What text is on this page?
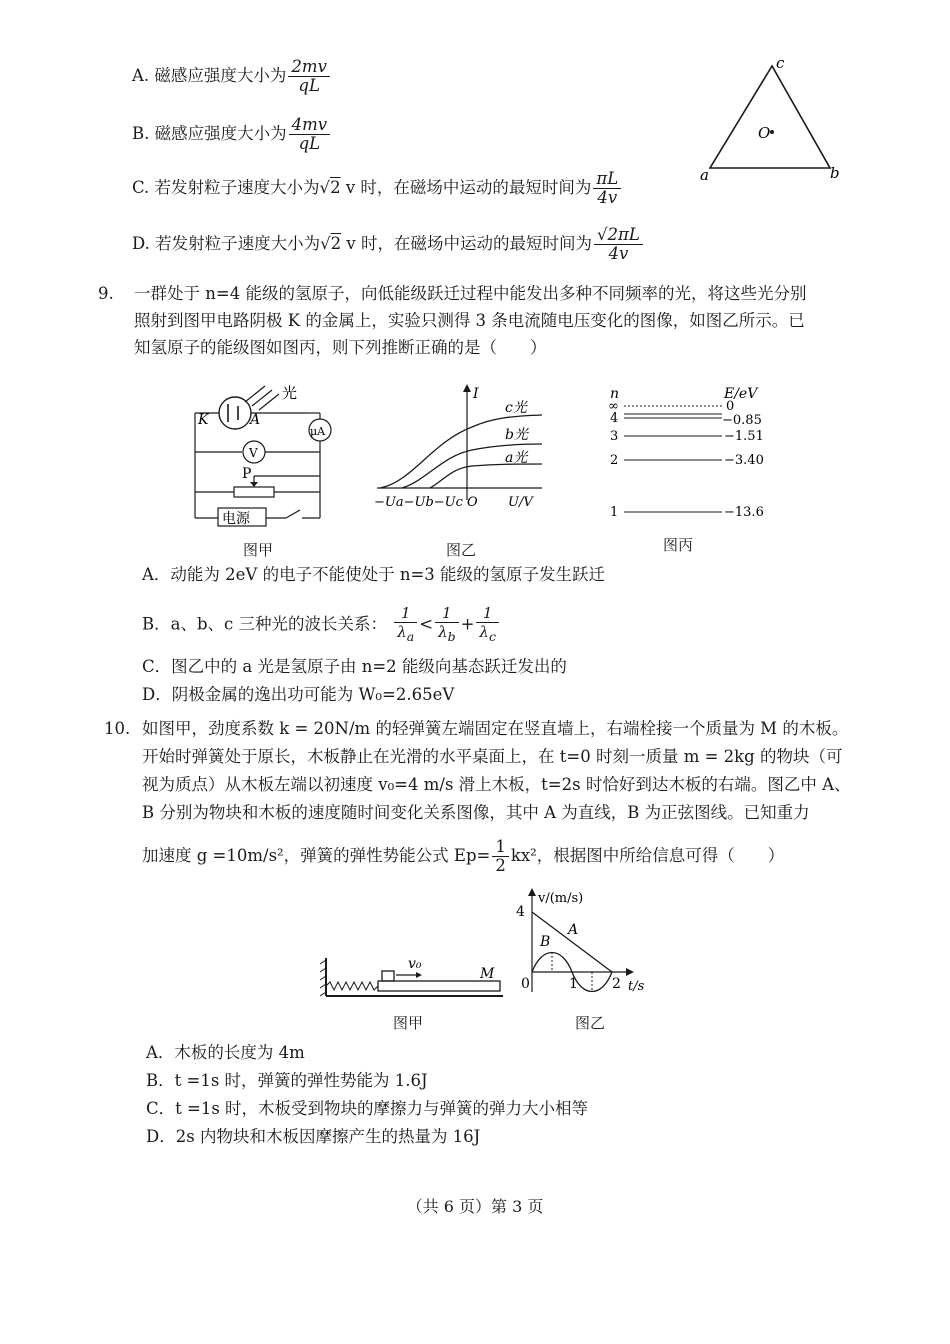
A. 磁感应强度大小为 $\frac{2mv}{qL}$
B. 磁感应强度大小为 $\frac{4mv}{qL}$
C. 若发射粒子速度大小为√2 v 时，在磁场中运动的最短时间为 $\frac{\pi L}{4v}$
D. 若发射粒子速度大小为√2 v 时，在磁场中运动的最短时间为 $\frac{√2\pi L}{4v}$
c
a	b
O
9. 一群处于 n=4 能级的氢原子，向低能级跃迁过程中能发出多种不同频率的光，将这些光分别
照射到图甲电路阴极 K 的金属上，实验只测得 3 条电流随电压变化的图像，如图乙所示。已
知氢原子的能级图如图丙，则下列推断正确的是（　　）
光
K	A
μA
V
P
电源
图甲
I
c光
b光
a光
−Ua−Ub−Uc O U/V
图乙
n	E/eV
∞	0
4	−0.85
3	−1.51
2	−3.40
1	−13.6
图丙
A．动能为 2eV 的电子不能使处于 n=3 能级的氢原子发生跃迁
B．a、b、c 三种光的波长关系： $\frac{1}{\lambda_a} < \frac{1}{\lambda_b} + \frac{1}{\lambda_c}$
C．图乙中的 a 光是氢原子由 n=2 能级向基态跃迁发出的
D．阴极金属的逸出功可能为 W₀=2.65eV
10. 如图甲，劲度系数 k = 20N/m 的轻弹簧左端固定在竖直墙上，右端栓接一个质量为 M 的木板。
开始时弹簧处于原长，木板静止在光滑的水平桌面上，在 t=0 时刻一质量 m = 2kg 的物块（可
视为质点）从木板左端以初速度 v₀=4 m/s 滑上木板，t=2s 时恰好到达木板的右端。图乙中 A、
B 分别为物块和木板的速度随时间变化关系图像，其中 A 为直线，B 为正弦图线。已知重力
加速度 g =10m/s²，弹簧的弹性势能公式 $Ep= \frac{1}{2} kx^2$，根据图中所给信息可得（　　）
v₀
M
图甲
v/(m/s)
4
t/s
A
B
0	1 2
图乙
A．木板的长度为 4m
B．t =1s 时，弹簧的弹性势能为 1.6J
C．t =1s 时，木板受到物块的摩擦力与弹簧的弹力大小相等
D．2s 内物块和木板因摩擦产生的热量为 16J
（共 6 页）第 3 页
